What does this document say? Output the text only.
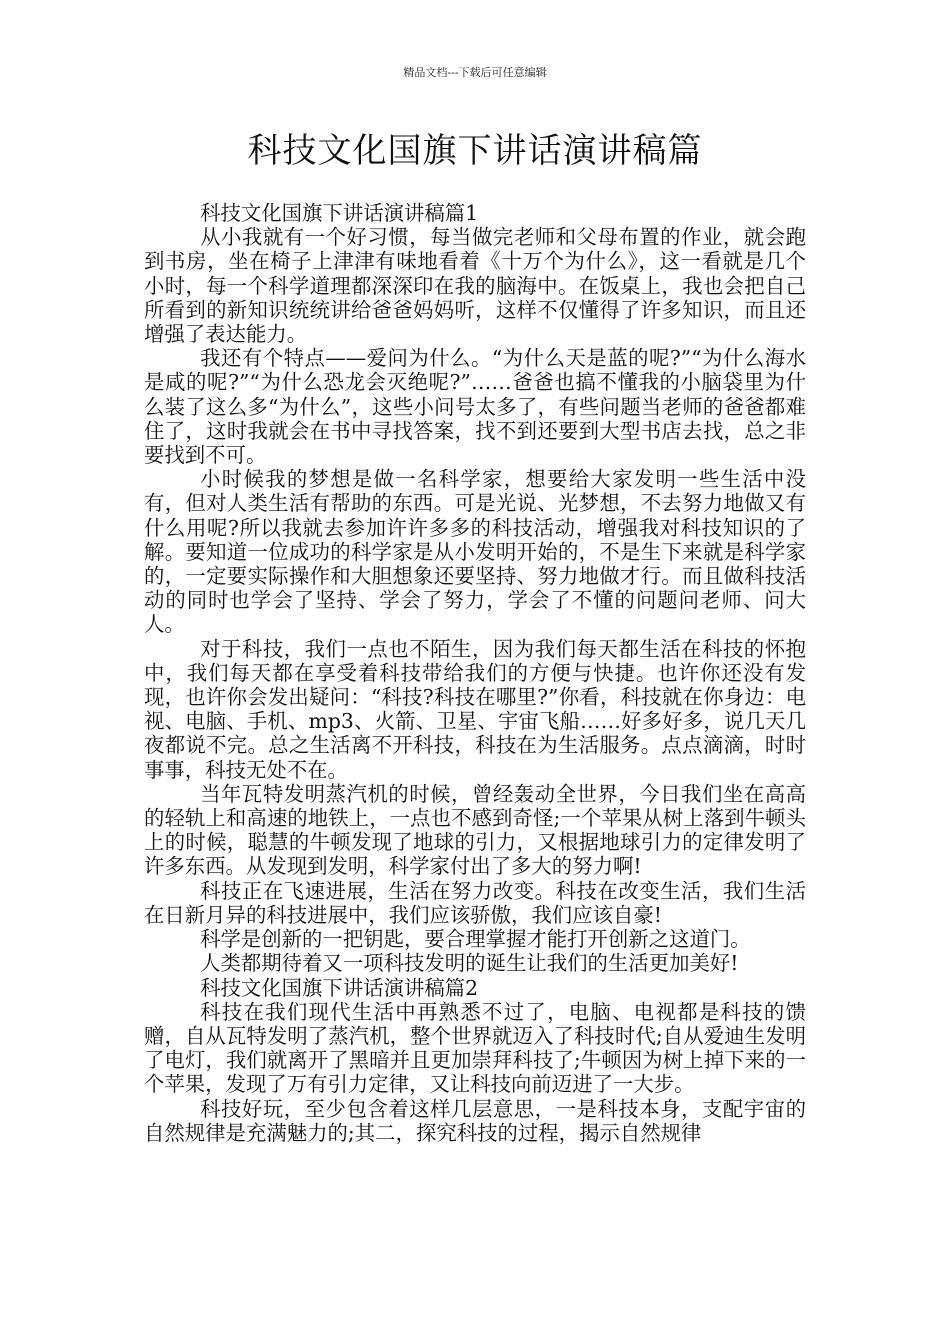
精品文档---下载后可任意编辑
科技文化国旗下讲话演讲稿篇

科技文化国旗下讲话演讲稿篇1

从小我就有一个好习惯，每当做完老师和父母布置的作业，就会跑到书房，坐在椅子上津津有味地看着《十万个为什么》，这一看就是几个小时，每一个科学道理都深深印在我的脑海中。在饭桌上，我也会把自己所看到的新知识统统讲给爸爸妈妈听，这样不仅懂得了许多知识，而且还增强了表达能力。

我还有个特点——爱问为什么。“为什么天是蓝的呢?”“为什么海水是咸的呢?”“为什么恐龙会灭绝呢?”……爸爸也搞不懂我的小脑袋里为什么装了这么多“为什么”，这些小问号太多了，有些问题当老师的爸爸都难住了，这时我就会在书中寻找答案，找不到还要到大型书店去找，总之非要找到不可。

小时候我的梦想是做一名科学家，想要给大家发明一些生活中没有，但对人类生活有帮助的东西。可是光说、光梦想，不去努力地做又有什么用呢?所以我就去参加许许多多的科技活动，增强我对科技知识的了解。要知道一位成功的科学家是从小发明开始的，不是生下来就是科学家的，一定要实际操作和大胆想象还要坚持、努力地做才行。而且做科技活动的同时也学会了坚持、学会了努力，学会了不懂的问题问老师、问大人。

对于科技，我们一点也不陌生，因为我们每天都生活在科技的怀抱中，我们每天都在享受着科技带给我们的方便与快捷。也许你还没有发现，也许你会发出疑问：“科技?科技在哪里?”你看，科技就在你身边：电视、电脑、手机、mp3、火箭、卫星、宇宙飞船……好多好多，说几天几夜都说不完。总之生活离不开科技，科技在为生活服务。点点滴滴，时时事事，科技无处不在。

当年瓦特发明蒸汽机的时候，曾经轰动全世界，今日我们坐在高高的轻轨上和高速的地铁上，一点也不感到奇怪;一个苹果从树上落到牛顿头上的时候，聪慧的牛顿发现了地球的引力，又根据地球引力的定律发明了许多东西。从发现到发明，科学家付出了多大的努力啊!

科技正在飞速进展，生活在努力改变。科技在改变生活，我们生活在日新月异的科技进展中，我们应该骄傲，我们应该自豪!

科学是创新的一把钥匙，要合理掌握才能打开创新之这道门。

人类都期待着又一项科技发明的诞生让我们的生活更加美好!

科技文化国旗下讲话演讲稿篇2

科技在我们现代生活中再熟悉不过了，电脑、电视都是科技的馈赠，自从瓦特发明了蒸汽机，整个世界就迈入了科技时代;自从爱迪生发明了电灯，我们就离开了黑暗并且更加崇拜科技了;牛顿因为树上掉下来的一个苹果，发现了万有引力定律，又让科技向前迈进了一大步。

科技好玩，至少包含着这样几层意思，一是科技本身，支配宇宙的自然规律是充满魅力的;其二，探究科技的过程，揭示自然规律
